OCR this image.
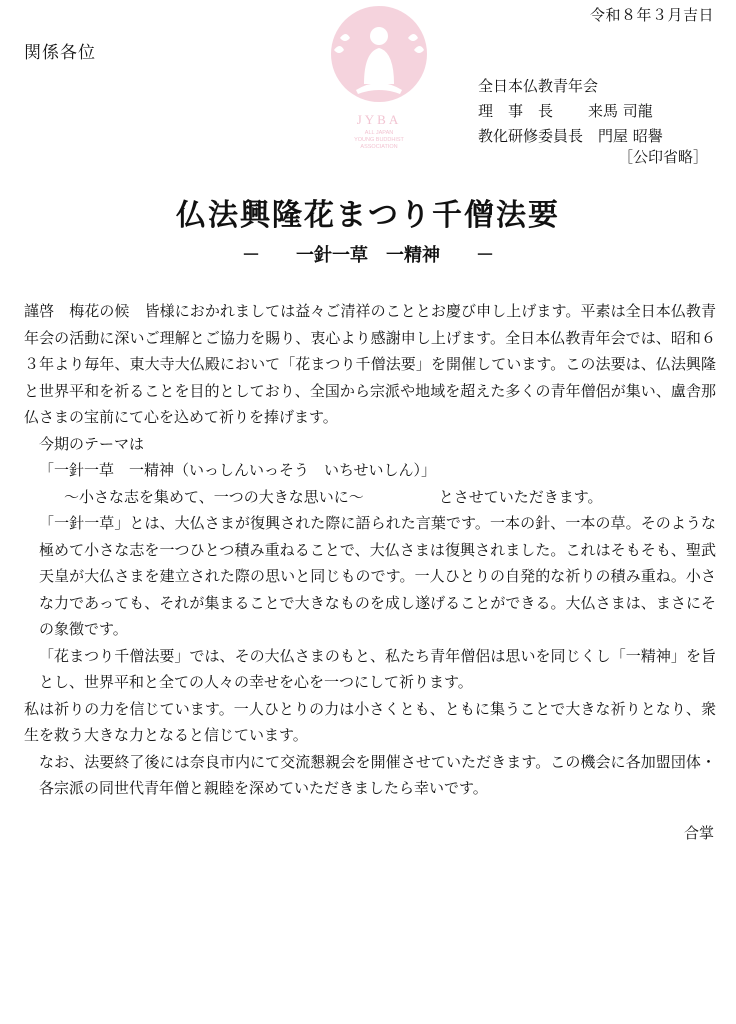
令和８年３月吉日
関係各位
JYBA
ALL JAPAN
YOUNG BUDDHIST
ASSOCIATION
全日本仏教青年会
理事長	来馬 司龍
教化研修委員長 門屋 昭譽
［公印省略］
仏法興隆花まつり千僧法要
－　　一針一草　一精神　　－

謹啓　梅花の候　皆様におかれましては益々ご清祥のこととお慶び申し上げます。平素は全日本仏教青年会の活動に深いご理解とご協力を賜り、衷心より感謝申し上げます。全日本仏教青年会では、昭和６３年より毎年、東大寺大仏殿において「花まつり千僧法要」を開催しています。この法要は、仏法興隆と世界平和を祈ることを目的としており、全国から宗派や地域を超えた多くの青年僧侶が集い、盧舎那仏さまの宝前にて心を込めて祈りを捧げます。

今期のテーマは

「一針一草　一精神（いっしんいっそう　いちせいしん）」

～小さな志を集めて、一つの大きな思いに～　　　　　とさせていただきます。

「一針一草」とは、大仏さまが復興された際に語られた言葉です。一本の針、一本の草。そのような極めて小さな志を一つひとつ積み重ねることで、大仏さまは復興されました。これはそもそも、聖武天皇が大仏さまを建立された際の思いと同じものです。一人ひとりの自発的な祈りの積み重ね。小さな力であっても、それが集まることで大きなものを成し遂げることができる。大仏さまは、まさにその象徴です。

「花まつり千僧法要」では、その大仏さまのもと、私たち青年僧侶は思いを同じくし「一精神」を旨とし、世界平和と全ての人々の幸せを心を一つにして祈ります。

私は祈りの力を信じています。一人ひとりの力は小さくとも、ともに集うことで大きな祈りとなり、衆生を救う大きな力となると信じています。

なお、法要終了後には奈良市内にて交流懇親会を開催させていただきます。この機会に各加盟団体・各宗派の同世代青年僧と親睦を深めていただきましたら幸いです。

合掌
